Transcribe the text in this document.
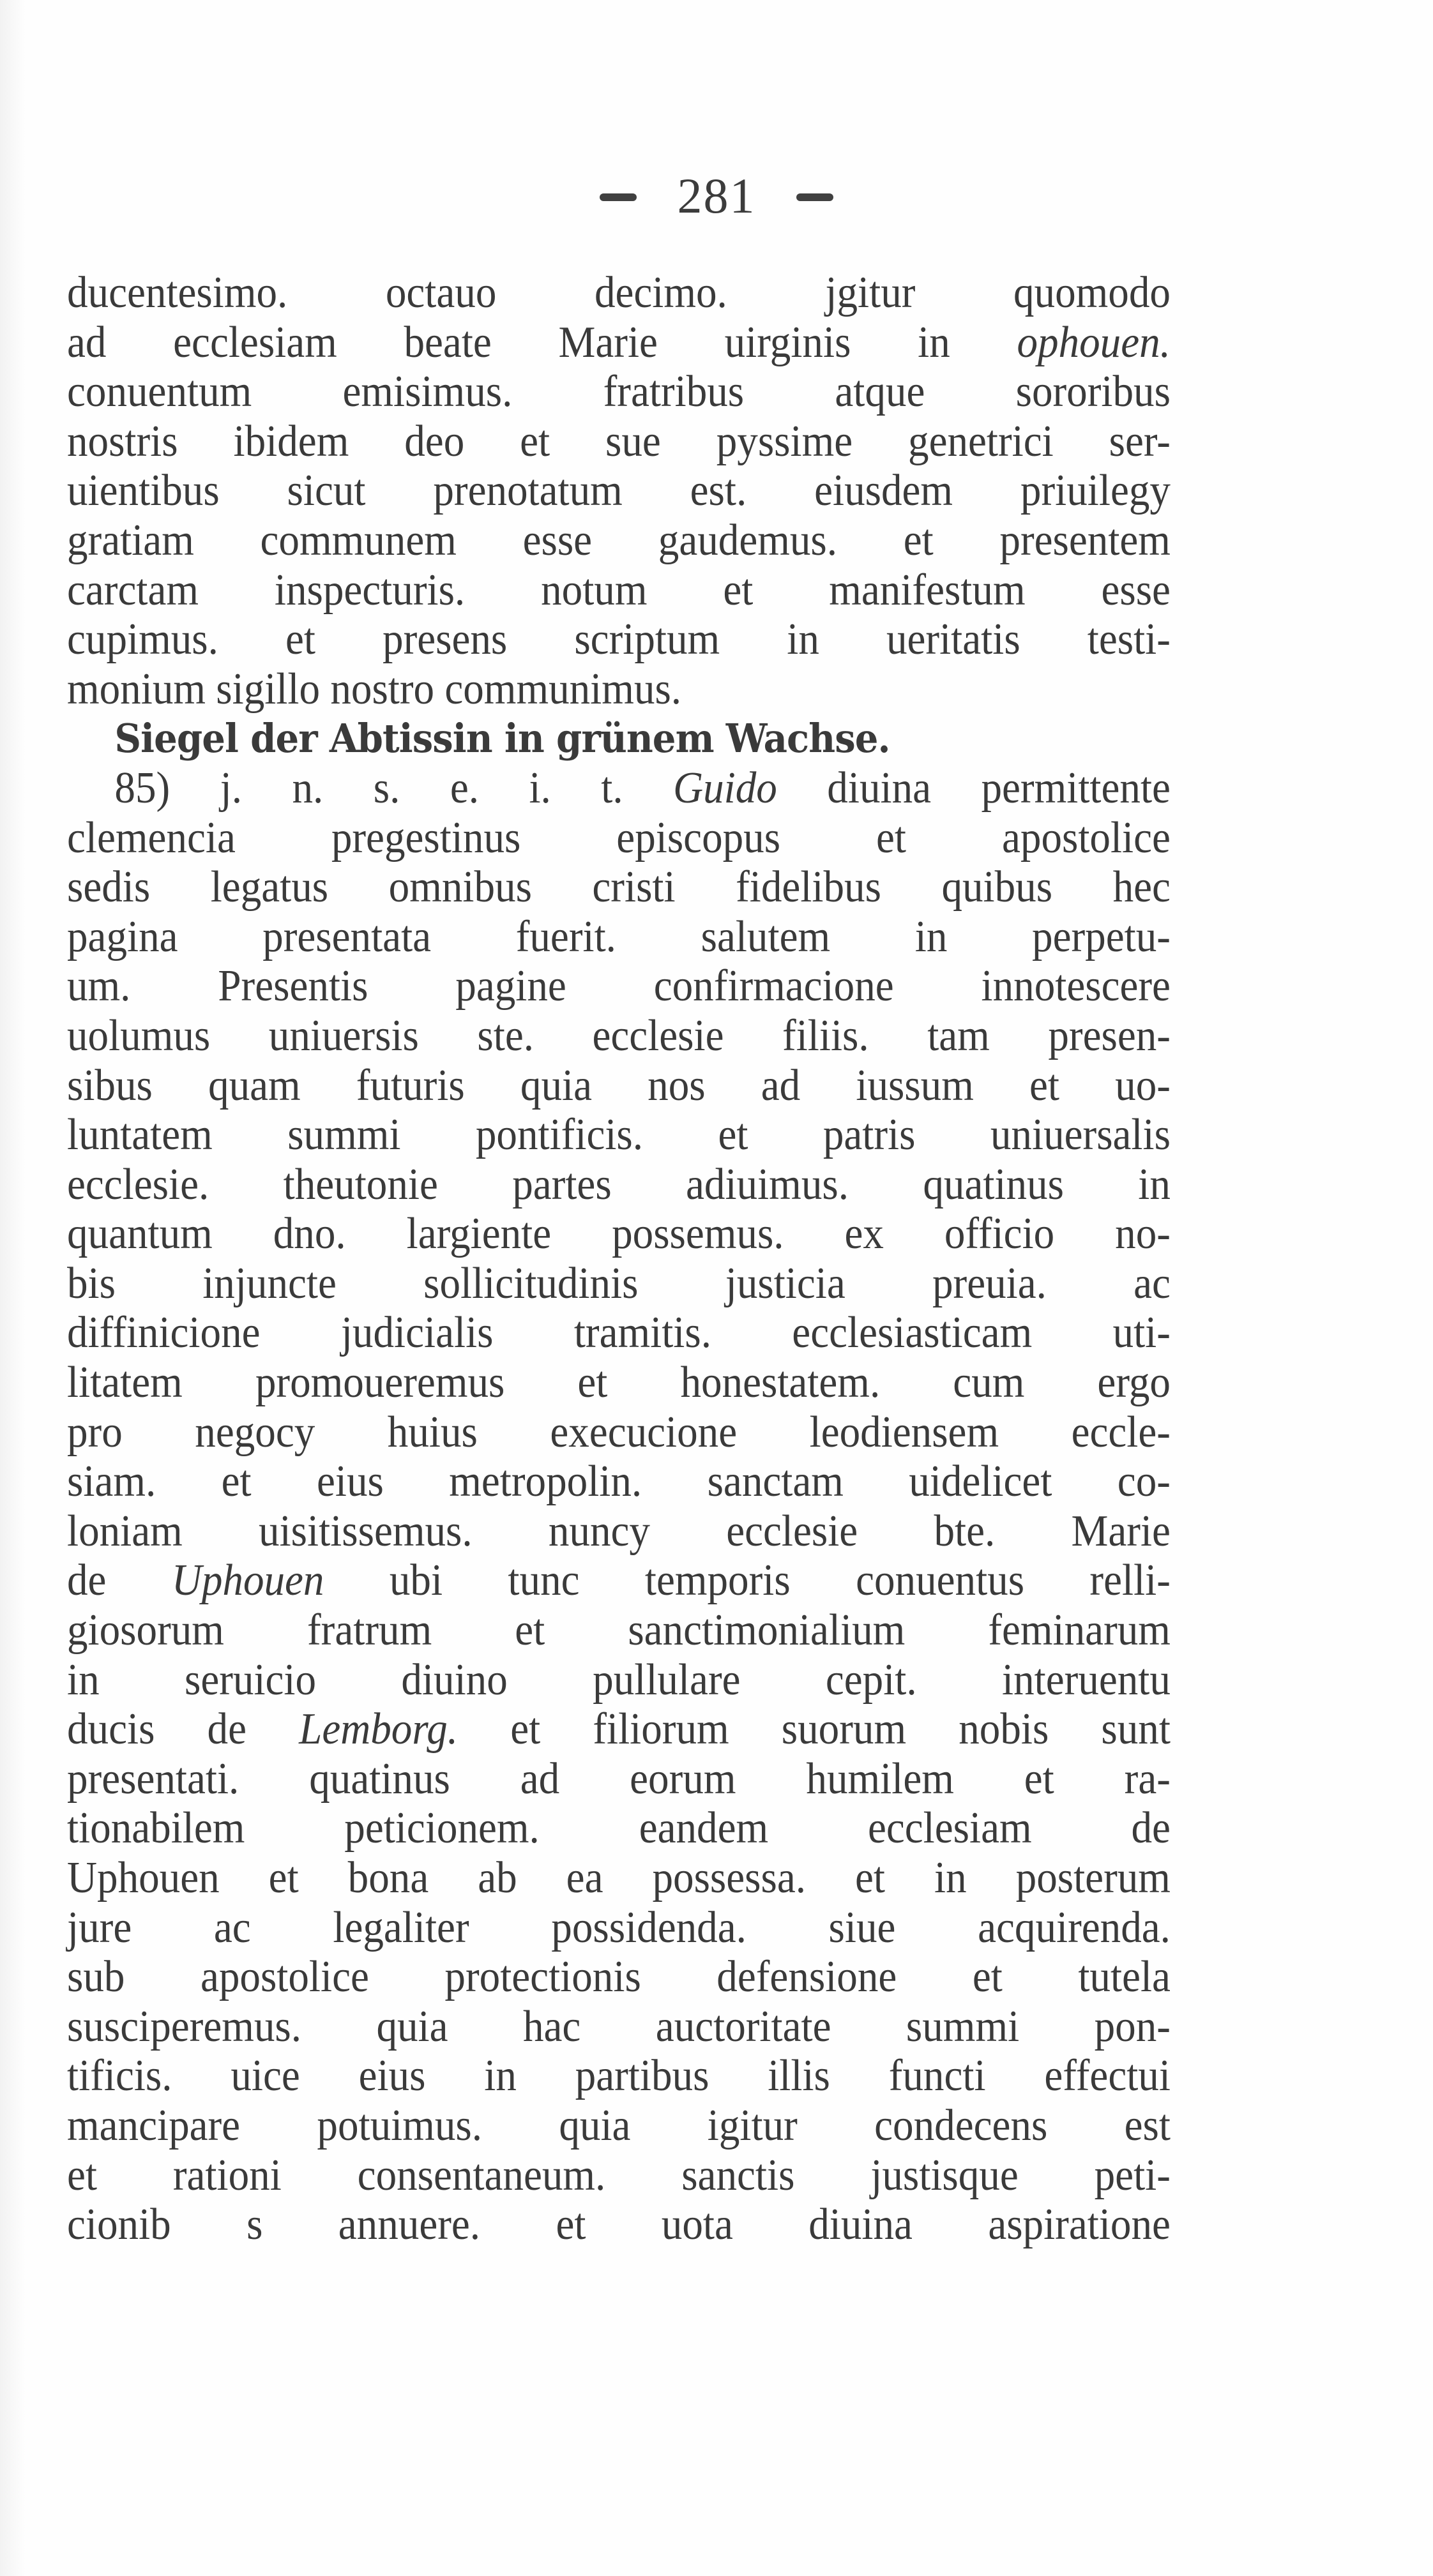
281
ducentesimo. octauo decimo. jgitur quomodo
ad ecclesiam beate Marie uirginis in ophouen.
conuentum emisimus. fratribus atque sororibus
nostris ibidem deo et sue pyssime genetrici ser-
uientibus sicut prenotatum est. eiusdem priuilegy
gratiam communem esse gaudemus. et presentem
carctam inspecturis. notum et manifestum esse
cupimus. et presens scriptum in ueritatis testi-
monium sigillo nostro communimus.
Siegel der Abtissin in grünem Wachse.
85) j. n. s. e. i. t. Guido diuina permittente
clemencia pregestinus episcopus et apostolice
sedis legatus omnibus cristi fidelibus quibus hec
pagina presentata fuerit. salutem in perpetu-
um. Presentis pagine confirmacione innotescere
uolumus uniuersis ste. ecclesie filiis. tam presen-
sibus quam futuris quia nos ad iussum et uo-
luntatem summi pontificis. et patris uniuersalis
ecclesie. theutonie partes adiuimus. quatinus in
quantum dno. largiente possemus. ex officio no-
bis injuncte sollicitudinis justicia preuia. ac
diffinicione judicialis tramitis. ecclesiasticam uti-
litatem promoueremus et honestatem. cum ergo
pro negocy huius execucione leodiensem eccle-
siam. et eius metropolin. sanctam uidelicet co-
loniam uisitissemus. nuncy ecclesie bte. Marie
de Uphouen ubi tunc temporis conuentus relli-
giosorum fratrum et sanctimonialium feminarum
in seruicio diuino pullulare cepit. interuentu
ducis de Lemborg. et filiorum suorum nobis sunt
presentati. quatinus ad eorum humilem et ra-
tionabilem peticionem. eandem ecclesiam de
Uphouen et bona ab ea possessa. et in posterum
jure ac legaliter possidenda. siue acquirenda.
sub apostolice protectionis defensione et tutela
susciperemus. quia hac auctoritate summi pon-
tificis. uice eius in partibus illis functi effectui
mancipare potuimus. quia igitur condecens est
et rationi consentaneum. sanctis justisque peti-
cionib s annuere. et uota diuina aspiratione
